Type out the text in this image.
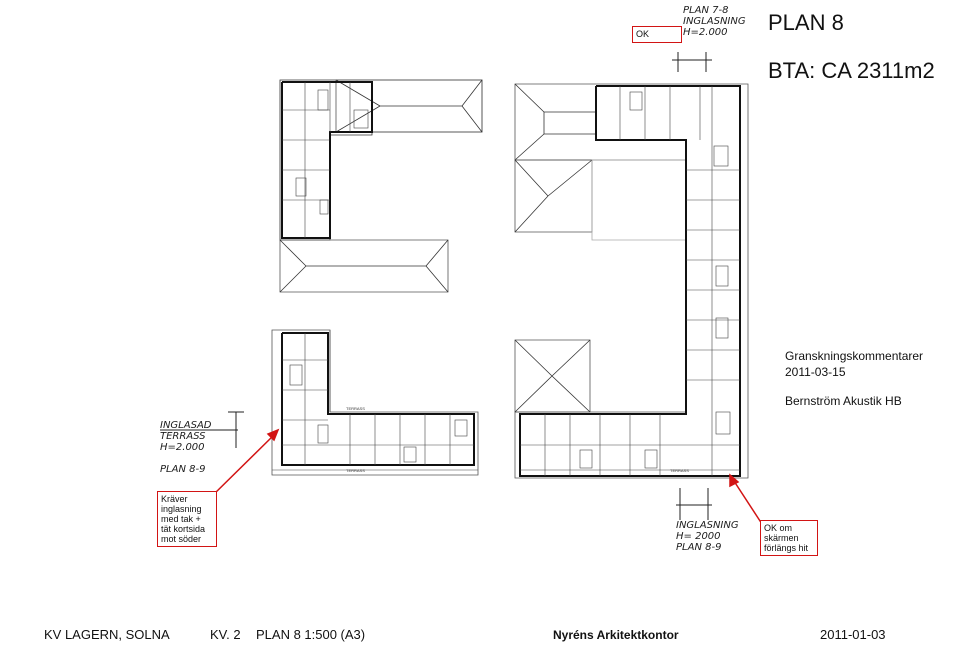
TERRASS
TERRASS	TERRASS
PLAN 8
BTA: CA 2311m2
PLAN 7-8
INGLASNING
H=2.000
INGLASAD
TERRASS
H=2.000
PLAN 8-9
INGLASNING
H= 2000
PLAN 8-9
OK
Kräver inglasning med tak + tät kortsida mot söder
OK om skärmen förlängs hit
Granskningskommentarer
2011-03-15
Bernström Akustik HB
KV LAGERN, SOLNA	KV. 2 PLAN 8 1:500 (A3)	Nyréns Arkitektkontor	2011-01-03
